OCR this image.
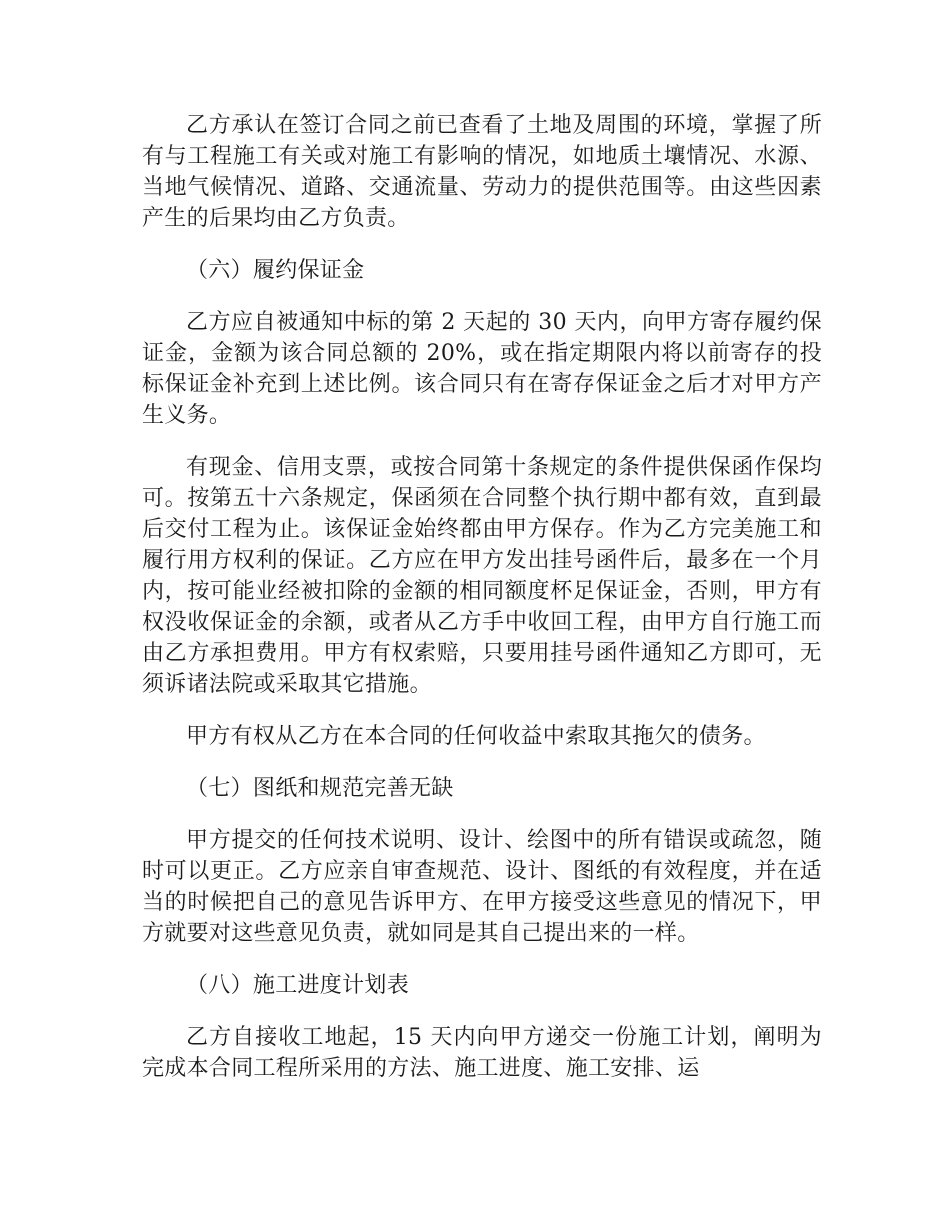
乙方承认在签订合同之前已查看了土地及周围的环境，掌握了所有与工程施工有关或对施工有影响的情况，如地质土壤情况、水源、当地气候情况、道路、交通流量、劳动力的提供范围等。由这些因素产生的后果均由乙方负责。

（六）履约保证金

乙方应自被通知中标的第 2 天起的 30 天内，向甲方寄存履约保证金，金额为该合同总额的 20%，或在指定期限内将以前寄存的投标保证金补充到上述比例。该合同只有在寄存保证金之后才对甲方产生义务。

有现金、信用支票，或按合同第十条规定的条件提供保函作保均可。按第五十六条规定，保函须在合同整个执行期中都有效，直到最后交付工程为止。该保证金始终都由甲方保存。作为乙方完美施工和履行用方权利的保证。乙方应在甲方发出挂号函件后，最多在一个月内，按可能业经被扣除的金额的相同额度杯足保证金，否则，甲方有权没收保证金的余额，或者从乙方手中收回工程，由甲方自行施工而由乙方承担费用。甲方有权索赔，只要用挂号函件通知乙方即可，无须诉诸法院或采取其它措施。

甲方有权从乙方在本合同的任何收益中索取其拖欠的债务。

（七）图纸和规范完善无缺

甲方提交的任何技术说明、设计、绘图中的所有错误或疏忽，随时可以更正。乙方应亲自审查规范、设计、图纸的有效程度，并在适当的时候把自己的意见告诉甲方、在甲方接受这些意见的情况下，甲方就要对这些意见负责，就如同是其自己提出来的一样。

（八）施工进度计划表

乙方自接收工地起，15 天内向甲方递交一份施工计划，阐明为完成本合同工程所采用的方法、施工进度、施工安排、运
